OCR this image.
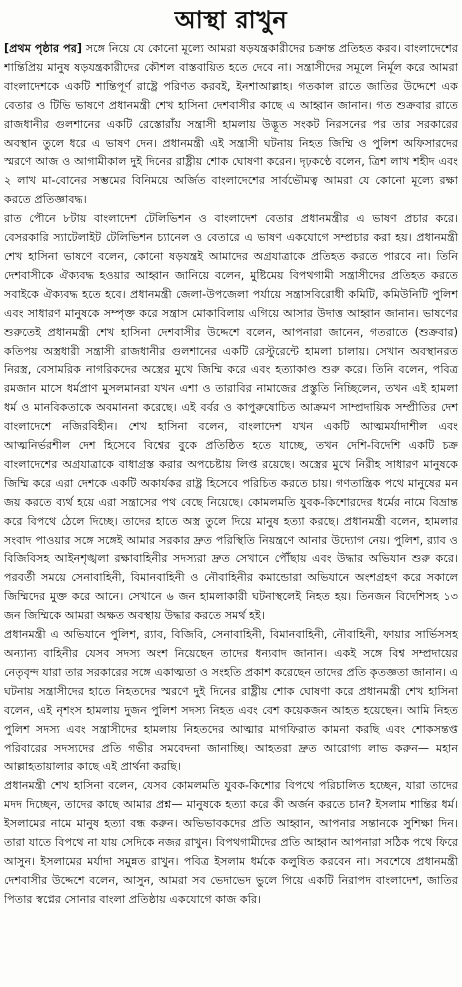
আস্থা রাখুন

[প্রথম পৃষ্ঠার পর] সঙ্গে নিয়ে যে কোনো মূল্যে আমরা ষড়যন্ত্রকারীদের চক্রান্ত প্রতিহত করব। বাংলাদেশের শান্তিপ্রিয় মানুষ ষড়যন্ত্রকারীদের কৌশল বাস্তবায়িত হতে দেবে না। সন্ত্রাসীদের সমূলে নির্মূল করে আমরা বাংলাদেশকে একটি শান্তিপূর্ণ রাষ্ট্রে পরিণত করবই, ইনশাআল্লাহ। গতকাল রাতে জাতির উদ্দেশে এক বেতার ও টিভি ভাষণে প্রধানমন্ত্রী শেখ হাসিনা দেশবাসীর কাছে এ আহ্বান জানান। গত শুক্রবার রাতে রাজধানীর গুলশানের একটি রেস্তোরাঁয় সন্ত্রাসী হামলায় উদ্ভূত সংকট নিরসনের পর তার সরকারের অবস্থান তুলে ধরে এ ভাষণ দেন। প্রধানমন্ত্রী এই সন্ত্রাসী ঘটনায় নিহত জিম্মি ও পুলিশ অফিসারদের স্মরণে আজ ও আগামীকাল দুই দিনের রাষ্ট্রীয় শোক ঘোষণা করেন। দৃঢ়কণ্ঠে বলেন, ত্রিশ লাখ শহীদ এবং ২ লাখ মা-বোনের সম্ভমের বিনিময়ে অর্জিত বাংলাদেশের সার্বভৌমত্ব আমরা যে কোনো মূল্যে রক্ষা করতে প্রতিজ্ঞাবদ্ধ।

রাত পৌনে ৮টায় বাংলাদেশ টেলিভিশন ও বাংলাদেশ বেতার প্রধানমন্ত্রীর এ ভাষণ প্রচার করে। বেসরকারি স্যাটেলাইট টেলিভিশন চ্যানেল ও বেতারে এ ভাষণ একযোগে সম্প্রচার করা হয়। প্রধানমন্ত্রী শেখ হাসিনা ভাষণে বলেন, কোনো ষড়যন্ত্রই আমাদের অগ্রযাত্রাকে প্রতিহত করতে পারবে না। তিনি দেশবাসীকে ঐক্যবদ্ধ হওয়ার আহ্বান জানিয়ে বলেন, মুষ্টিমেয় বিপথগামী সন্ত্রাসীদের প্রতিহত করতে সবাইকে ঐক্যবদ্ধ হতে হবে। প্রধানমন্ত্রী জেলা-উপজেলা পর্যায়ে সন্ত্রাসবিরোধী কমিটি, কমিউনিটি পুলিশ এবং সাধারণ মানুষকে সম্পৃক্ত করে সন্ত্রাস মোকাবিলায় এগিয়ে আসার উদাত্ত আহ্বান জানান। ভাষণের শুরুতেই প্রধানমন্ত্রী শেখ হাসিনা দেশবাসীর উদ্দেশে বলেন, আপনারা জানেন, গতরাতে (শুক্রবার) কতিপয় অস্ত্রধারী সন্ত্রাসী রাজধানীর গুলশানের একটি রেস্টুরেন্টে হামলা চালায়। সেখান অবস্থানরত নিরস্ত্র, বেসামরিক নাগরিকদের অস্ত্রের মুখে জিম্মি করে এবং হত্যাকাণ্ড শুরু করে। তিনি বলেন, পবিত্র রমজান মাসে ধর্মপ্রাণ মুসলমানরা যখন এশা ও তারাবির নামাজের প্রস্তুতি নিচ্ছিলেন, তখন এই হামলা ধর্ম ও মানবিকতাকে অবমাননা করেছে। এই বর্বর ও কাপুরুষোচিত আক্রমণ সাম্প্রদায়িক সম্প্রীতির দেশ বাংলাদেশে নজিরবিহীন। শেখ হাসিনা বলেন, বাংলাদেশ যখন একটি আত্মমর্যাদাশীল এবং আত্মনির্ভরশীল দেশ হিসেবে বিশ্বের বুকে প্রতিষ্ঠিত হতে যাচ্ছে, তখন দেশি-বিদেশি একটি চক্র বাংলাদেশের অগ্রযাত্রাকে বাধাগ্রস্ত করার অপচেষ্টায় লিপ্ত রয়েছে। অস্ত্রের মুখে নিরীহ সাধারণ মানুষকে জিম্মি করে এরা দেশকে একটি অকার্যকর রাষ্ট্র হিসেবে পরিচিত করতে চায়। গণতান্ত্রিক পথে মানুষের মন জয় করতে ব্যর্থ হয়ে এরা সন্ত্রাসের পথ বেছে নিয়েছে। কোমলমতি যুবক-কিশোরদের ধর্মের নামে বিভ্রান্ত করে বিপথে ঠেলে দিচ্ছে। তাদের হাতে অস্ত্র তুলে দিয়ে মানুষ হত্যা করছে। প্রধানমন্ত্রী বলেন, হামলার সংবাদ পাওয়ার সঙ্গে সঙ্গেই আমার সরকার দ্রুত পরিস্থিতি নিয়ন্ত্রণে আনার উদ্যোগ নেয়। পুলিশ, র‍্যাব ও বিজিবিসহ আইনশৃঙ্খলা রক্ষাবাহিনীর সদস্যরা দ্রুত সেখানে পৌঁছায় এবং উদ্ধার অভিযান শুরু করে। পরবর্তী সময়ে সেনাবাহিনী, বিমানবাহিনী ও নৌবাহিনীর কমান্ডোরা অভিযানে অংশগ্রহণ করে সকালে জিম্মিদের মুক্ত করে আনে। সেখানে ৬ জন হামলাকারী ঘটনাস্থলেই নিহত হয়। তিনজন বিদেশিসহ ১৩ জন জিম্মিকে আমরা অক্ষত অবস্থায় উদ্ধার করতে সমর্থ হই।

প্রধানমন্ত্রী এ অভিযানে পুলিশ, র‍্যাব, বিজিবি, সেনাবাহিনী, বিমানবাহিনী, নৌবাহিনী, ফায়ার সার্ভিসসহ অন্যান্য বাহিনীর যেসব সদস্য অংশ নিয়েছেন তাদের ধন্যবাদ জানান। একই সঙ্গে বিশ্ব সম্প্রদায়ের নেতৃবৃন্দ যারা তার সরকারের সঙ্গে একাত্মতা ও সংহতি প্রকাশ করেছেন তাদের প্রতি কৃতজ্ঞতা জানান। এ ঘটনায় সন্ত্রাসীদের হাতে নিহতদের স্মরণে দুই দিনের রাষ্ট্রীয় শোক ঘোষণা করে প্রধানমন্ত্রী শেখ হাসিনা বলেন, এই নৃশংস হামলায় দুজন পুলিশ সদস্য নিহত এবং বেশ কয়েকজন আহত হয়েছেন। আমি নিহত পুলিশ সদস্য এবং সন্ত্রাসীদের হামলায় নিহতদের আত্মার মাগফিরাত কামনা করছি এবং শোকসন্তপ্ত পরিবারের সদস্যদের প্রতি গভীর সমবেদনা জানাচ্ছি। আহতরা দ্রুত আরোগ্য লাভ করুন— মহান আল্লাহতায়ালার কাছে এই প্রার্থনা করছি।

প্রধানমন্ত্রী শেখ হাসিনা বলেন, যেসব কোমলমতি যুবক-কিশোর বিপথে পরিচালিত হচ্ছেন, যারা তাদের মদদ দিচ্ছেন, তাদের কাছে আমার প্রশ্ন— মানুষকে হত্যা করে কী অর্জন করতে চান? ইসলাম শান্তির ধর্ম। ইসলামের নামে মানুষ হত্যা বন্ধ করুন। অভিভাবকদের প্রতি আহ্বান, আপনার সন্তানকে সুশিক্ষা দিন। তারা যাতে বিপথে না যায় সেদিকে নজর রাখুন। বিপথগামীদের প্রতি আহ্বান আপনারা সঠিক পথে ফিরে আসুন। ইসলামের মর্যাদা সমুন্নত রাখুন। পবিত্র ইসলাম ধর্মকে কলুষিত করবেন না। সবশেষে প্রধানমন্ত্রী দেশবাসীর উদ্দেশে বলেন, আসুন, আমরা সব ভেদাভেদ ভুলে গিয়ে একটি নিরাপদ বাংলাদেশ, জাতির পিতার স্বপ্নের সোনার বাংলা প্রতিষ্ঠায় একযোগে কাজ করি।
